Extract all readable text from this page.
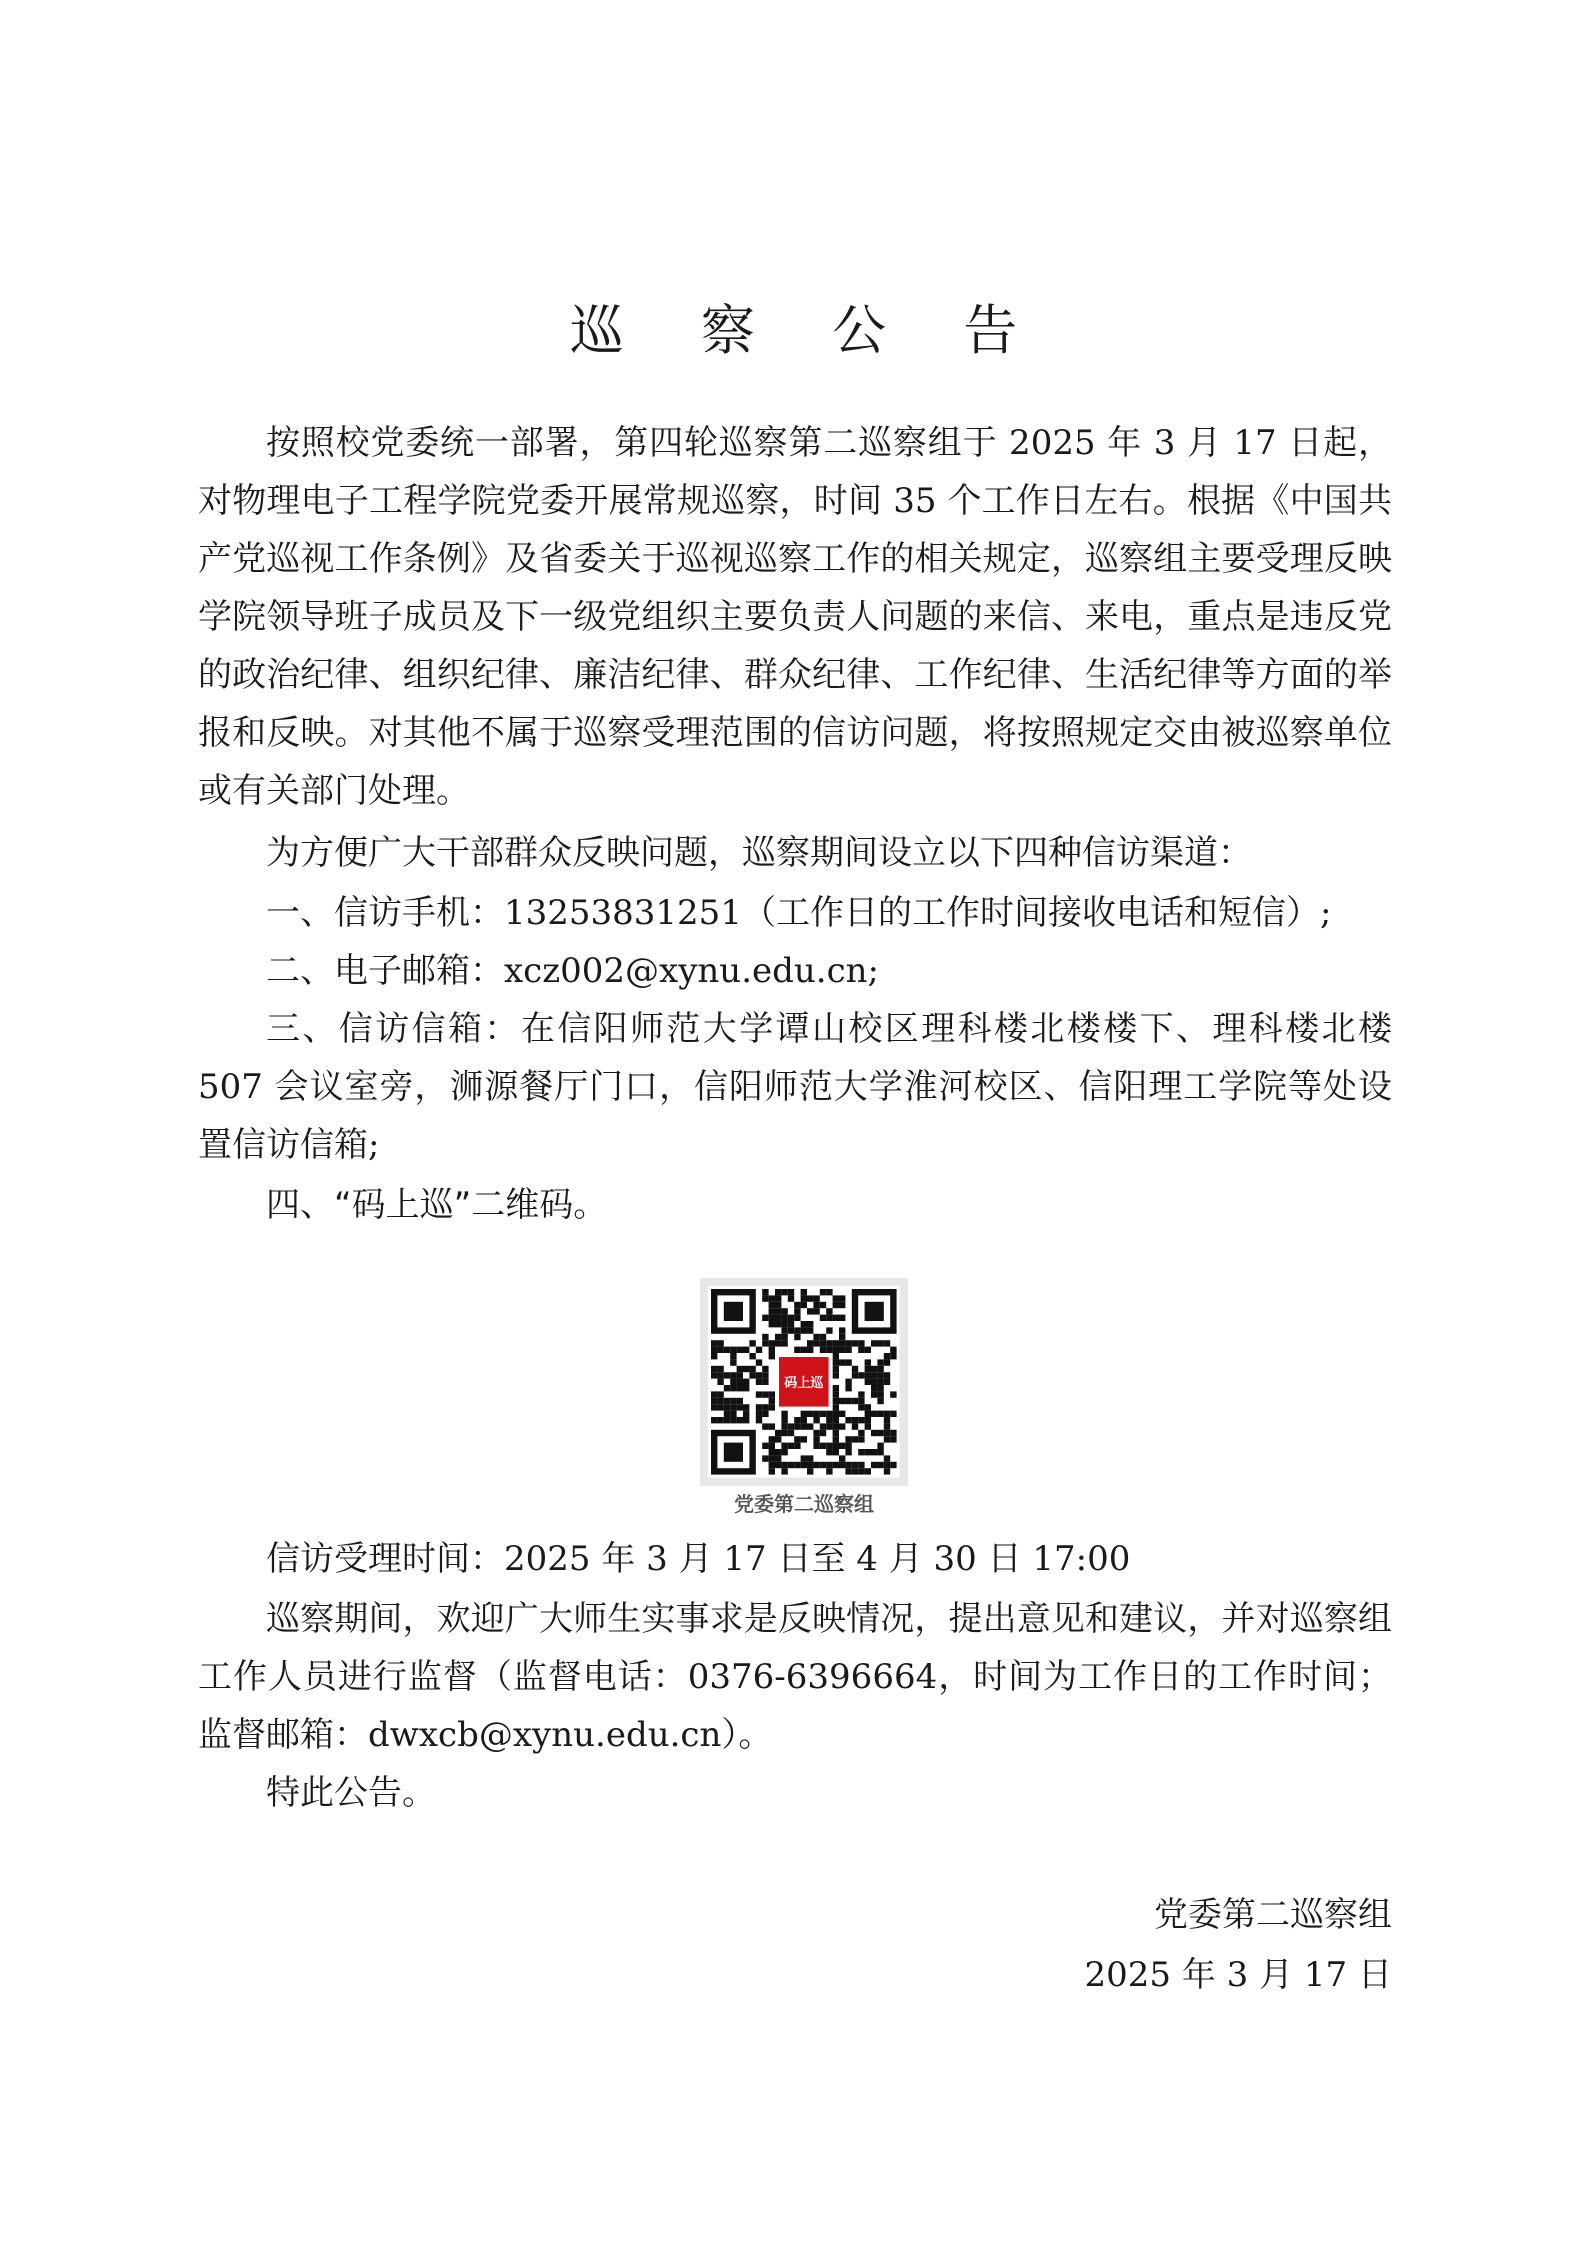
巡 察 公 告

按照校党委统一部署，第四轮巡察第二巡察组于 2025 年 3 月 17 日起，对物理电子工程学院党委开展常规巡察，时间 35 个工作日左右。根据《中国共产党巡视工作条例》及省委关于巡视巡察工作的相关规定，巡察组主要受理反映学院领导班子成员及下一级党组织主要负责人问题的来信、来电，重点是违反党的政治纪律、组织纪律、廉洁纪律、群众纪律、工作纪律、生活纪律等方面的举报和反映。对其他不属于巡察受理范围的信访问题，将按照规定交由被巡察单位或有关部门处理。

为方便广大干部群众反映问题，巡察期间设立以下四种信访渠道：

一、信访手机：13253831251（工作日的工作时间接收电话和短信）;

二、电子邮箱：xcz002@xynu.edu.cn;

三、信访信箱：在信阳师范大学谭山校区理科楼北楼楼下、理科楼北楼 507 会议室旁，浉源餐厅门口，信阳师范大学淮河校区、信阳理工学院等处设置信访信箱;

四、“码上巡”二维码。

码上巡
党委第二巡察组

信访受理时间：2025 年 3 月 17 日至 4 月 30 日 17:00

巡察期间，欢迎广大师生实事求是反映情况，提出意见和建议，并对巡察组工作人员进行监督（监督电话：0376-6396664，时间为工作日的工作时间；监督邮箱：dwxcb@xynu.edu.cn）。

特此公告。

党委第二巡察组

2025 年 3 月 17 日
